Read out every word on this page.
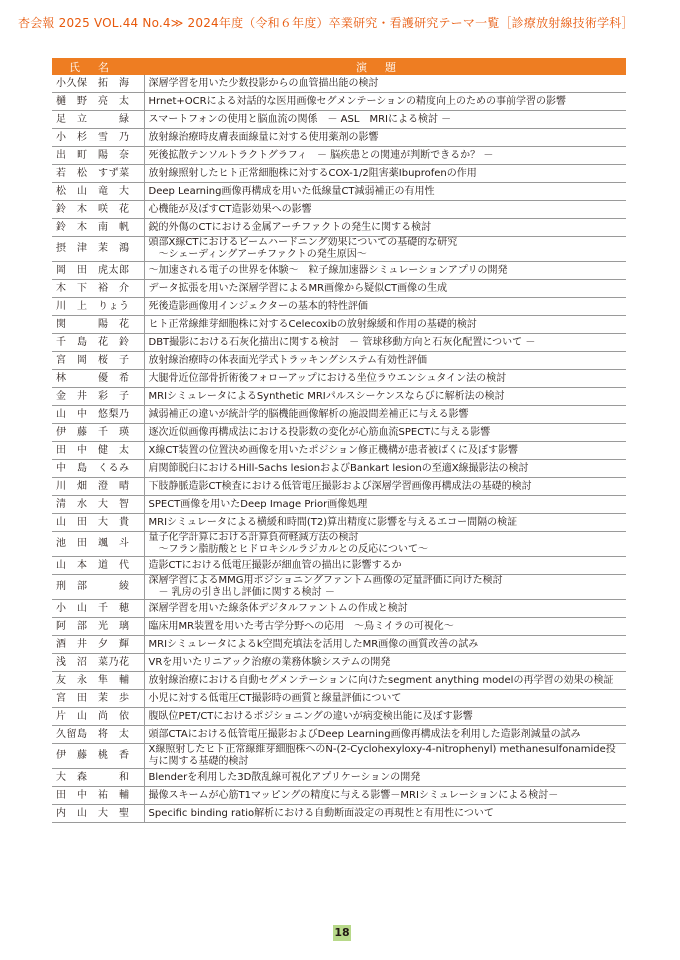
杏会報 2025 VOL.44 No.4≫ 2024年度（令和６年度）卒業研究・看護研究テーマ一覧［診療放射線技術学科］
氏名	演題
小久保　拓　海	深層学習を用いた少数投影からの血管描出能の検討

樋　野　亮　太	Hrnet+OCRによる対話的な医用画像セグメンテーションの精度向上のための事前学習の影響

足　立　　　緑	スマートフォンの使用と脳血流の関係　－ ASL　MRIによる検討 －

小　杉　雪　乃	放射線治療時皮膚表面線量に対する使用薬剤の影響

出　町　陽　奈	死後拡散テンソルトラクトグラフィ　－ 脳疾患との関連が判断できるか？ －

若　松　すず菜	放射線照射したヒト正常細胞株に対するCOX-1/2阻害薬Ibuprofenの作用

松　山　竜　大	Deep Learning画像再構成を用いた低線量CT減弱補正の有用性

鈴　木　咲　花	心機能が及ぼすCT造影効果への影響

鈴　木　南　帆	鋭的外傷のCTにおける金属アーチファクトの発生に関する検討

摂　津　茉　鴻	頭部X線CTにおけるビームハードニング効果についての基礎的な研究
～シェーディングアーチファクトの発生原因～

岡　田　虎太郎	～加速される電子の世界を体験～　粒子線加速器シミュレーションアプリの開発

木　下　裕　介	データ拡張を用いた深層学習によるMR画像から疑似CT画像の生成

川　上　りょう	死後造影画像用インジェクターの基本的特性評価

関　　　陽　花	ヒト正常線維芽細胞株に対するCelecoxibの放射線緩和作用の基礎的検討

千　島　花　鈴	DBT撮影における石灰化描出に関する検討　－ 管球移動方向と石灰化配置について －

宮　岡　桜　子	放射線治療時の体表面光学式トラッキングシステム有効性評価

林　　　優　希	大腿骨近位部骨折術後フォローアップにおける坐位ラウエンシュタイン法の検討

金　井　彩　子	MRIシミュレータによるSynthetic MRIパルスシーケンスならびに解析法の検討

山　中　悠梨乃	減弱補正の違いが統計学的脳機能画像解析の施設間差補正に与える影響

伊　藤　千　瑛	逐次近似画像再構成法における投影数の変化が心筋血流SPECTに与える影響

田　中　健　太	X線CT装置の位置決め画像を用いたポジション修正機構が患者被ばくに及ぼす影響

中　島　くるみ	肩関節脱臼におけるHill-Sachs lesionおよびBankart lesionの至適X線撮影法の検討

川　畑　澄　晴	下肢静脈造影CT検査における低管電圧撮影および深層学習画像再構成法の基礎的検討

清　水　大　智	SPECT画像を用いたDeep Image Prior画像処理

山　田　大　貴	MRIシミュレータによる横緩和時間(T2)算出精度に影響を与えるエコー間隔の検証

池　田　颯　斗	量子化学計算における計算負荷軽減方法の検討
～フラン脂肪酸とヒドロキシルラジカルとの反応について～

山　本　道　代	造影CTにおける低電圧撮影が細血管の描出に影響するか

刑　部　　　綾	深層学習によるMMG用ポジショニングファントム画像の定量評価に向けた検討
－ 乳房の引き出し評価に関する検討 －

小　山　千　穂	深層学習を用いた線条体デジタルファントムの作成と検討

阿　部　光　璃	臨床用MR装置を用いた考古学分野への応用　～鳥ミイラの可視化～

酒　井　夕　輝	MRIシミュレータによるk空間充填法を活用したMR画像の画質改善の試み

浅　沼　菜乃花	VRを用いたリニアック治療の業務体験システムの開発

友　永　隼　輔	放射線治療における自動セグメンテーションに向けたsegment anything modelの再学習の効果の検証

宮　田　茉　歩	小児に対する低電圧CT撮影時の画質と線量評価について

片　山　尚　依	腹臥位PET/CTにおけるポジショニングの違いが病変検出能に及ぼす影響

久留島　将　太	頭部CTAにおける低管電圧撮影およびDeep Learning画像再構成法を利用した造影剤減量の試み

伊　藤　桃　香	X線照射したヒト正常線維芽細胞株へのN-(2-Cyclohexyloxy-4-nitrophenyl) methanesulfonamide投与に関する基礎的検討

大　森　　　和	Blenderを利用した3D散乱線可視化アプリケーションの開発

田　中　祐　輔	撮像スキームが心筋T1マッピングの精度に与える影響－MRIシミュレーションによる検討－

内　山　大　聖	Specific binding ratio解析における自動断面設定の再現性と有用性について
18
